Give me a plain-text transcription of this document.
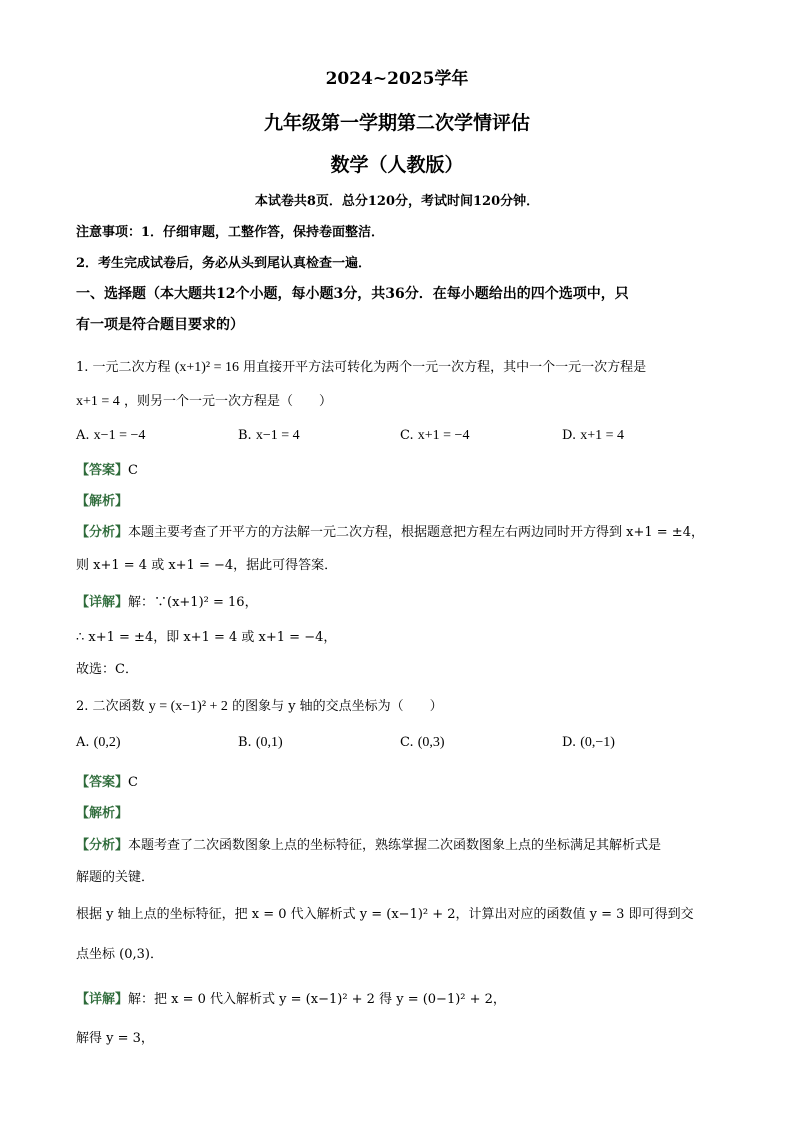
2024~2025学年
九年级第一学期第二次学情评估
数学（人教版）
本试卷共8页．总分120分，考试时间120分钟．
注意事项：1．仔细审题，工整作答，保持卷面整洁．
2．考生完成试卷后，务必从头到尾认真检查一遍．
一、选择题（本大题共12个小题，每小题3分，共36分．在每小题给出的四个选项中，只
有一项是符合题目要求的）
1. 一元二次方程 (x+1)² = 16 用直接开平方法可转化为两个一元一次方程，其中一个一元一次方程是
x+1 = 4 ，则另一个一元一次方程是（　　）
A. x−1 = −4	B. x−1 = 4	C. x+1 = −4	D. x+1 = 4
【答案】C
【解析】
【分析】本题主要考查了开平方的方法解一元二次方程，根据题意把方程左右两边同时开方得到 x+1 = ±4，
则 x+1 = 4 或 x+1 = −4，据此可得答案．
【详解】解：∵(x+1)² = 16，
∴ x+1 = ±4，即 x+1 = 4 或 x+1 = −4，
故选：C．
2. 二次函数 y = (x−1)² + 2 的图象与 y 轴的交点坐标为（　　）
A. (0,2)	B. (0,1)	C. (0,3)	D. (0,−1)
【答案】C
【解析】
【分析】本题考查了二次函数图象上点的坐标特征，熟练掌握二次函数图象上点的坐标满足其解析式是
解题的关键．
根据 y 轴上点的坐标特征，把 x = 0 代入解析式 y = (x−1)² + 2，计算出对应的函数值 y = 3 即可得到交
点坐标 (0,3)．
【详解】解：把 x = 0 代入解析式 y = (x−1)² + 2 得 y = (0−1)² + 2，
解得 y = 3，
